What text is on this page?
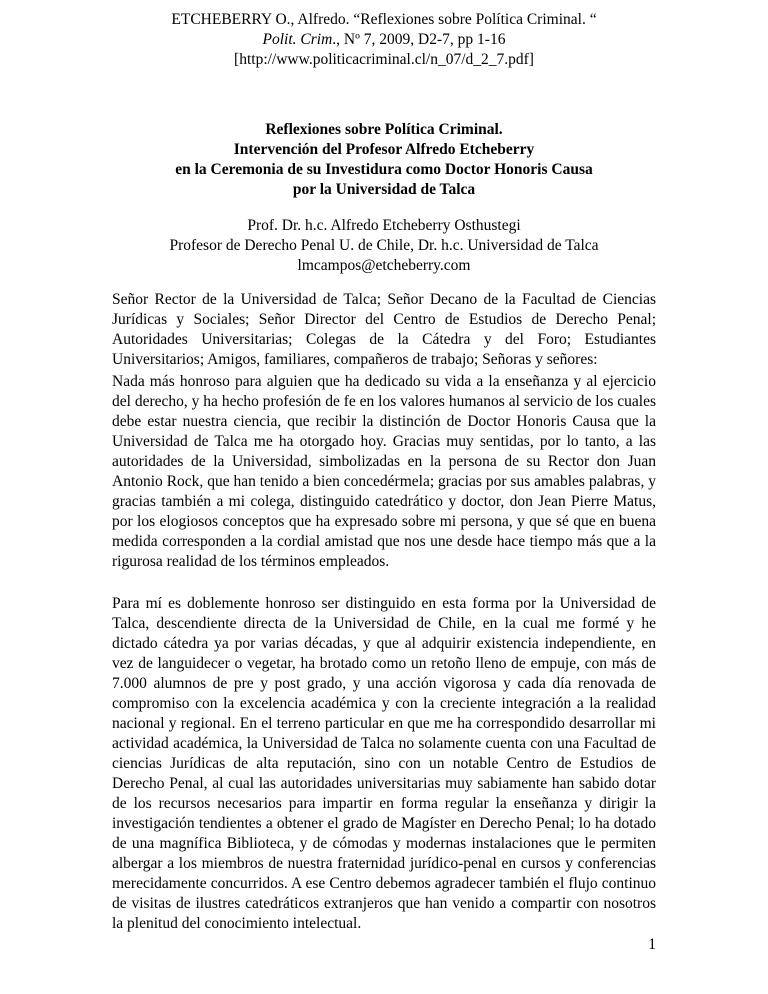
ETCHEBERRY O., Alfredo. “Reflexiones sobre Política Criminal. “
Polit. Crim., Nº 7, 2009, D2-7, pp 1-16
[http://www.politicacriminal.cl/n_07/d_2_7.pdf]
Reflexiones sobre Política Criminal.
Intervención del Profesor Alfredo Etcheberry
en la Ceremonia de su Investidura como Doctor Honoris Causa
por la Universidad de Talca
Prof. Dr. h.c. Alfredo Etcheberry Osthustegi
Profesor de Derecho Penal U. de Chile, Dr. h.c. Universidad de Talca
lmcampos@etcheberry.com

Señor Rector de la Universidad de Talca; Señor Decano de la Facultad de Ciencias Jurídicas y Sociales; Señor Director del Centro de Estudios de Derecho Penal; Autoridades Universitarias; Colegas de la Cátedra y del Foro; Estudiantes Universitarios; Amigos, familiares, compañeros de trabajo; Señoras y señores:

Nada más honroso para alguien que ha dedicado su vida a la enseñanza y al ejercicio del derecho, y ha hecho profesión de fe en los valores humanos al servicio de los cuales debe estar nuestra ciencia, que recibir la distinción de Doctor Honoris Causa que la Universidad de Talca me ha otorgado hoy. Gracias muy sentidas, por lo tanto, a las autoridades de la Universidad, simbolizadas en la persona de su Rector don Juan Antonio Rock, que han tenido a bien concedérmela; gracias por sus amables palabras, y gracias también a mi colega, distinguido catedrático y doctor, don Jean Pierre Matus, por los elogiosos conceptos que ha expresado sobre mi persona, y que sé que en buena medida corresponden a la cordial amistad que nos une desde hace tiempo más que a la rigurosa realidad de los términos empleados.

Para mí es doblemente honroso ser distinguido en esta forma por la Universidad de Talca, descendiente directa de la Universidad de Chile, en la cual me formé y he dictado cátedra ya por varias décadas, y que al adquirir existencia independiente, en vez de languidecer o vegetar, ha brotado como un retoño lleno de empuje, con más de 7.000 alumnos de pre y post grado, y una acción vigorosa y cada día renovada de compromiso con la excelencia académica y con la creciente integración a la realidad nacional y regional. En el terreno particular en que me ha correspondido desarrollar mi actividad académica, la Universidad de Talca no solamente cuenta con una Facultad de ciencias Jurídicas de alta reputación, sino con un notable Centro de Estudios de Derecho Penal, al cual las autoridades universitarias muy sabiamente han sabido dotar de los recursos necesarios para impartir en forma regular la enseñanza y dirigir la investigación tendientes a obtener el grado de Magíster en Derecho Penal; lo ha dotado de una magnífica Biblioteca, y de cómodas y modernas instalaciones que le permiten albergar a los miembros de nuestra fraternidad jurídico-penal en cursos y conferencias merecidamente concurridos. A ese Centro debemos agradecer también el flujo continuo de visitas de ilustres catedráticos extranjeros que han venido a compartir con nosotros la plenitud del conocimiento intelectual.

1
